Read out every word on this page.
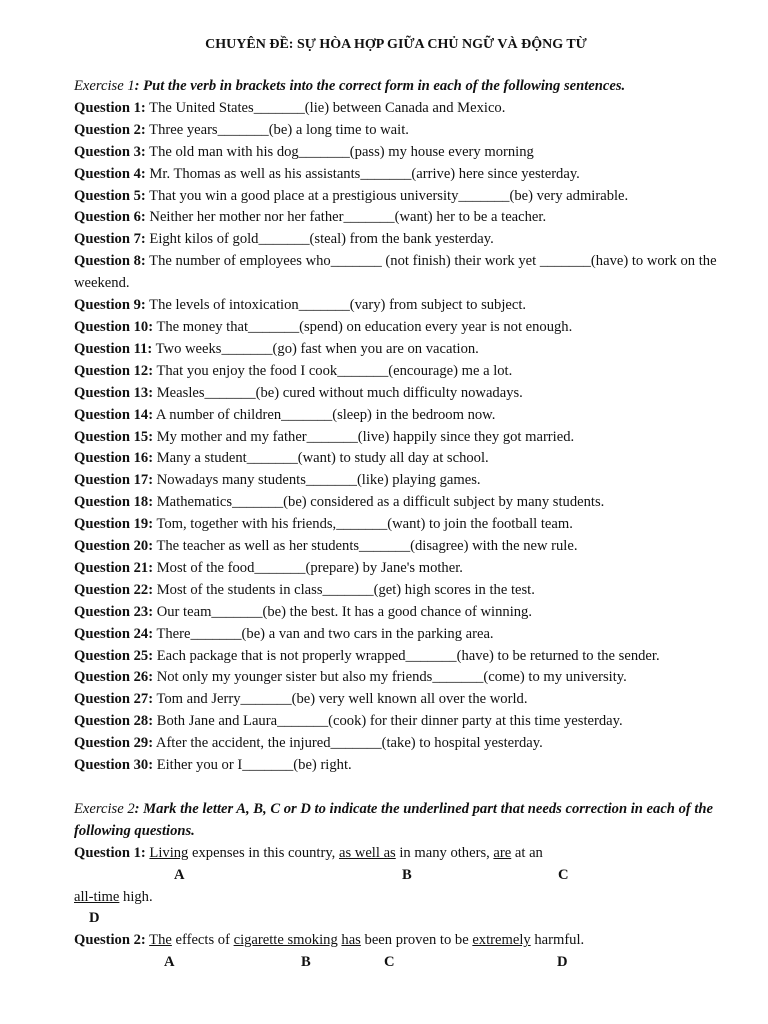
CHUYÊN ĐỀ: SỰ HÒA HỢP GIỮA CHỦ NGỮ VÀ ĐỘNG TỪ

Exercise 1: Put the verb in brackets into the correct form in each of the following sentences.

Question 1: The United States_______(lie) between Canada and Mexico.

Question 2: Three years_______(be) a long time to wait.

Question 3: The old man with his dog_______(pass) my house every morning

Question 4: Mr. Thomas as well as his assistants_______(arrive) here since yesterday.

Question 5: That you win a good place at a prestigious university_______(be) very admirable.

Question 6: Neither her mother nor her father_______(want) her to be a teacher.

Question 7: Eight kilos of gold_______(steal) from the bank yesterday.

Question 8: The number of employees who_______ (not finish) their work yet _______(have) to work on the weekend.

Question 9: The levels of intoxication_______(vary) from subject to subject.

Question 10: The money that_______(spend) on education every year is not enough.

Question 11: Two weeks_______(go) fast when you are on vacation.

Question 12: That you enjoy the food I cook_______(encourage) me a lot.

Question 13: Measles_______(be) cured without much difficulty nowadays.

Question 14: A number of children_______(sleep) in the bedroom now.

Question 15: My mother and my father_______(live) happily since they got married.

Question 16: Many a student_______(want) to study all day at school.

Question 17: Nowadays many students_______(like) playing games.

Question 18: Mathematics_______(be) considered as a difficult subject by many students.

Question 19: Tom, together with his friends,_______(want) to join the football team.

Question 20: The teacher as well as her students_______(disagree) with the new rule.

Question 21: Most of the food_______(prepare) by Jane's mother.

Question 22: Most of the students in class_______(get) high scores in the test.

Question 23: Our team_______(be) the best. It has a good chance of winning.

Question 24: There_______(be) a van and two cars in the parking area.

Question 25: Each package that is not properly wrapped_______(have) to be returned to the sender.

Question 26: Not only my younger sister but also my friends_______(come) to my university.

Question 27: Tom and Jerry_______(be) very well known all over the world.

Question 28: Both Jane and Laura_______(cook) for their dinner party at this time yesterday.

Question 29: After the accident, the injured_______(take) to hospital yesterday.

Question 30: Either you or I_______(be) right.

Exercise 2: Mark the letter A, B, C or D to indicate the underlined part that needs correction in each of the following questions.

Question 1: Living expenses in this country, as well as in many others, are at an

A	B	C

all-time high.

D

Question 2: The effects of cigarette smoking has been proven to be extremely harmful.

A	B	C	D
